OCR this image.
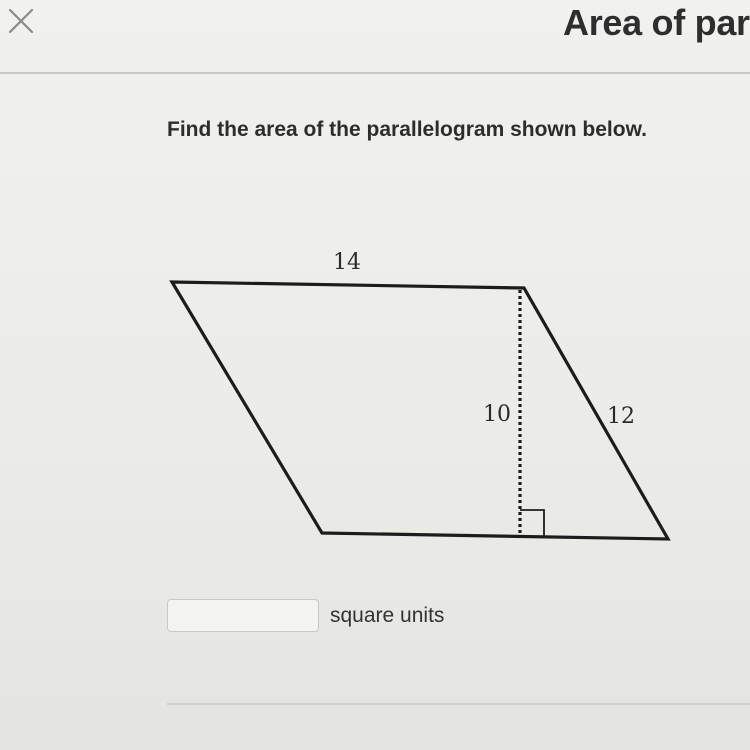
Area of par
Find the area of the parallelogram shown below.
14
10	12
square units
